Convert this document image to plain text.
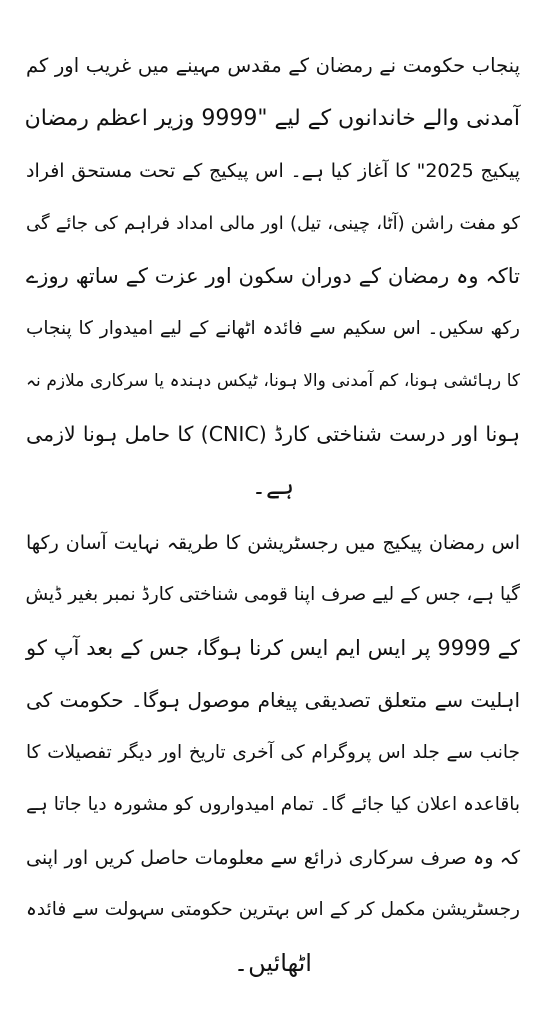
پنجاب حکومت نے رمضان کے مقدس مہینے میں غریب اور کم
آمدنی والے خاندانوں کے لیے "9999 وزیر اعظم رمضان
پیکیج 2025" کا آغاز کیا ہے۔ اس پیکیج کے تحت مستحق افراد
کو مفت راشن (آٹا، چینی، تیل) اور مالی امداد فراہم کی جائے گی
تاکہ وہ رمضان کے دوران سکون اور عزت کے ساتھ روزے
رکھ سکیں۔ اس سکیم سے فائدہ اٹھانے کے لیے امیدوار کا پنجاب
کا رہائشی ہونا، کم آمدنی والا ہونا، ٹیکس دہندہ یا سرکاری ملازم نہ
ہونا اور درست شناختی کارڈ (CNIC) کا حامل ہونا لازمی
ہے۔
اس رمضان پیکیج میں رجسٹریشن کا طریقہ نہایت آسان رکھا
گیا ہے، جس کے لیے صرف اپنا قومی شناختی کارڈ نمبر بغیر ڈیش
کے 9999 پر ایس ایم ایس کرنا ہوگا، جس کے بعد آپ کو
اہلیت سے متعلق تصدیقی پیغام موصول ہوگا۔ حکومت کی
جانب سے جلد اس پروگرام کی آخری تاریخ اور دیگر تفصیلات کا
باقاعدہ اعلان کیا جائے گا۔ تمام امیدواروں کو مشورہ دیا جاتا ہے
کہ وہ صرف سرکاری ذرائع سے معلومات حاصل کریں اور اپنی
رجسٹریشن مکمل کر کے اس بہترین حکومتی سہولت سے فائدہ
اٹھائیں۔
